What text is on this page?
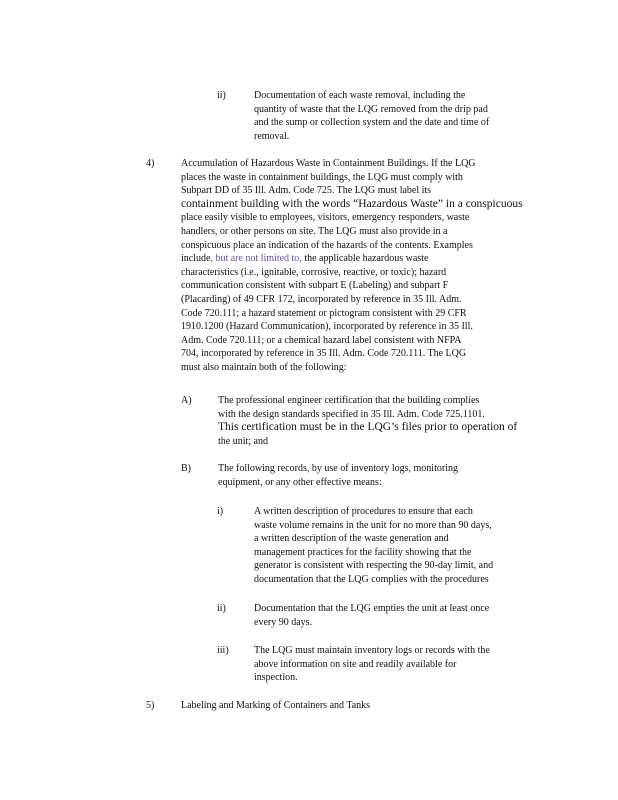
ii)	Documentation of each waste removal, including the
quantity of waste that the LQG removed from the drip pad
and the sump or collection system and the date and time of
removal.
4)	Accumulation of Hazardous Waste in Containment Buildings. If the LQG
places the waste in containment buildings, the LQG must comply with
Subpart DD of 35 Ill. Adm. Code 725. The LQG must label its
containment building with the words “Hazardous Waste” in a conspicuous
place easily visible to employees, visitors, emergency responders, waste
handlers, or other persons on site. The LQG must also provide in a
conspicuous place an indication of the hazards of the contents. Examples
include, but are not limited to, the applicable hazardous waste
characteristics (i.e., ignitable, corrosive, reactive, or toxic); hazard
communication consistent with subpart E (Labeling) and subpart F
(Placarding) of 49 CFR 172, incorporated by reference in 35 Ill. Adm.
Code 720.111; a hazard statement or pictogram consistent with 29 CFR
1910.1200 (Hazard Communication), incorporated by reference in 35 Ill.
Adm. Code 720.111; or a chemical hazard label consistent with NFPA
704, incorporated by reference in 35 Ill. Adm. Code 720.111. The LQG
must also maintain both of the following:
A)	The professional engineer certification that the building complies
with the design standards specified in 35 Ill. Adm. Code 725.1101.
This certification must be in the LQG’s files prior to operation of
the unit; and
B)	The following records, by use of inventory logs, monitoring
equipment, or any other effective means:
i)	A written description of procedures to ensure that each
waste volume remains in the unit for no more than 90 days,
a written description of the waste generation and
management practices for the facility showing that the
generator is consistent with respecting the 90-day limit, and
documentation that the LQG complies with the procedures
ii)	Documentation that the LQG empties the unit at least once
every 90 days.
iii)	The LQG must maintain inventory logs or records with the
above information on site and readily available for
inspection.
5)	Labeling and Marking of Containers and Tanks
